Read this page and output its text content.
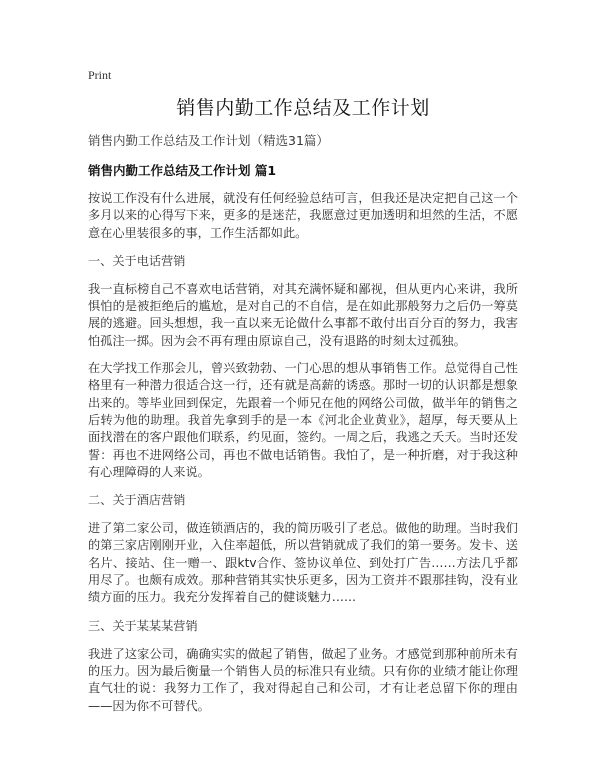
Print
销售内勤工作总结及工作计划
销售内勤工作总结及工作计划（精选31篇）
销售内勤工作总结及工作计划 篇1

按说工作没有什么进展，就没有任何经验总结可言，但我还是决定把自己这一个多月以来的心得写下来，更多的是迷茫，我愿意过更加透明和坦然的生活，不愿意在心里装很多的事，工作生活都如此。

一、关于电话营销

我一直标榜自己不喜欢电话营销，对其充满怀疑和鄙视，但从更内心来讲，我所惧怕的是被拒绝后的尴尬，是对自己的不自信，是在如此那般努力之后仍一筹莫展的逃避。回头想想，我一直以来无论做什么事都不敢付出百分百的努力，我害怕孤注一掷。因为会不再有理由原谅自己，没有退路的时刻太过孤独。

在大学找工作那会儿，曾兴致勃勃、一门心思的想从事销售工作。总觉得自己性格里有一种潜力很适合这一行，还有就是高薪的诱惑。那时一切的认识都是想象出来的。等毕业回到保定，先跟着一个师兄在他的网络公司做，做半年的销售之后转为他的助理。我首先拿到手的是一本《河北企业黄业》，超厚，每天要从上面找潜在的客户跟他们联系，约见面，签约。一周之后，我逃之夭夭。当时还发誓：再也不进网络公司，再也不做电话销售。我怕了，是一种折磨，对于我这种有心理障碍的人来说。

二、关于酒店营销

进了第二家公司，做连锁酒店的，我的简历吸引了老总。做他的助理。当时我们的第三家店刚刚开业，入住率超低，所以营销就成了我们的第一要务。发卡、送名片、接站、住一赠一、跟ktv合作、签协议单位、到处打广告……方法几乎都用尽了。也颇有成效。那种营销其实快乐更多，因为工资并不跟那挂钩，没有业绩方面的压力。我充分发挥着自己的健谈魅力……

三、关于某某某营销

我进了这家公司，确确实实的做起了销售，做起了业务。才感觉到那种前所未有的压力。因为最后衡量一个销售人员的标准只有业绩。只有你的业绩才能让你理直气壮的说：我努力工作了，我对得起自己和公司，才有让老总留下你的理由——因为你不可替代。
